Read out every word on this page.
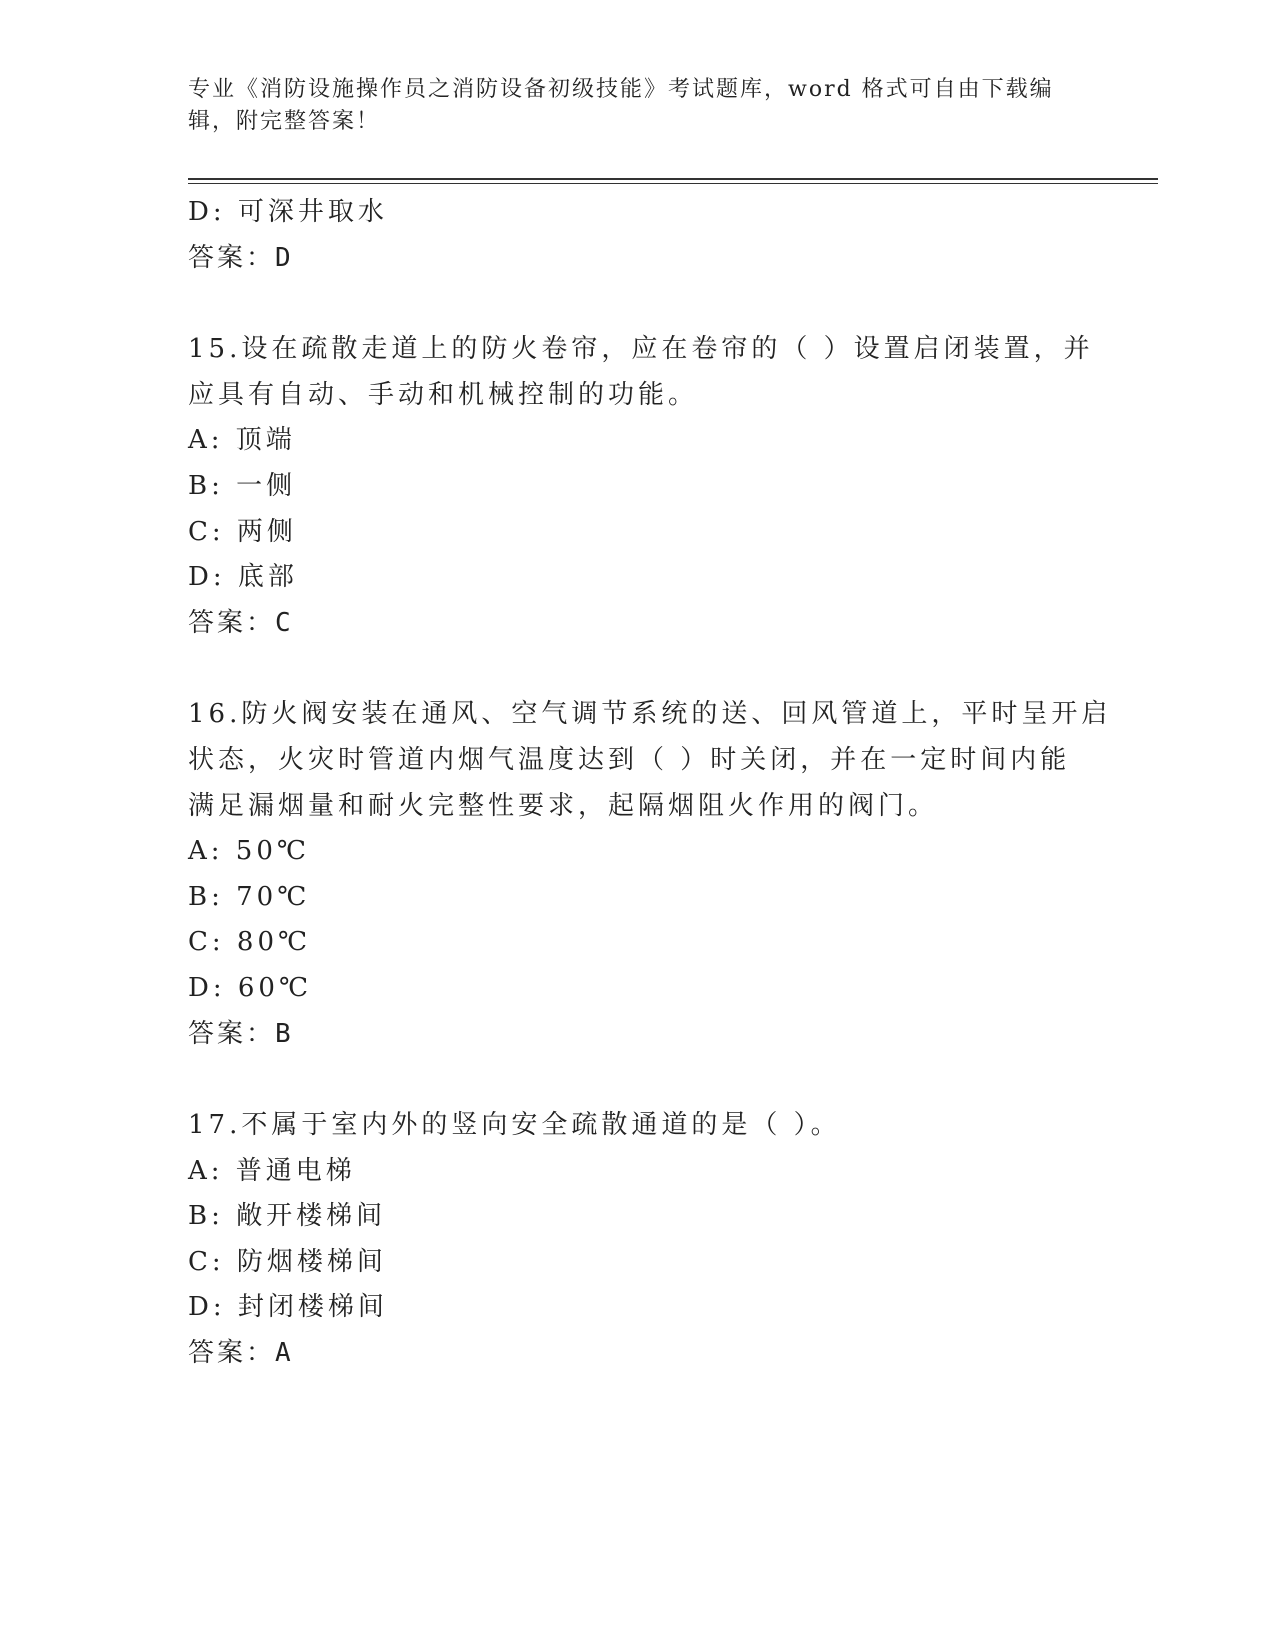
专业《消防设施操作员之消防设备初级技能》考试题库，word 格式可自由下载编
辑，附完整答案！
D: 可深井取水
答案：D
15.设在疏散走道上的防火卷帘，应在卷帘的（ ）设置启闭装置，并
应具有自动、手动和机械控制的功能。
A: 顶端
B: 一侧
C: 两侧
D: 底部
答案：C
16.防火阀安装在通风、空气调节系统的送、回风管道上，平时呈开启
状态，火灾时管道内烟气温度达到（ ）时关闭，并在一定时间内能
满足漏烟量和耐火完整性要求，起隔烟阻火作用的阀门。
A: 50℃
B: 70℃
C: 80℃
D: 60℃
答案：B
17.不属于室内外的竖向安全疏散通道的是（ ）。
A: 普通电梯
B: 敞开楼梯间
C: 防烟楼梯间
D: 封闭楼梯间
答案：A
